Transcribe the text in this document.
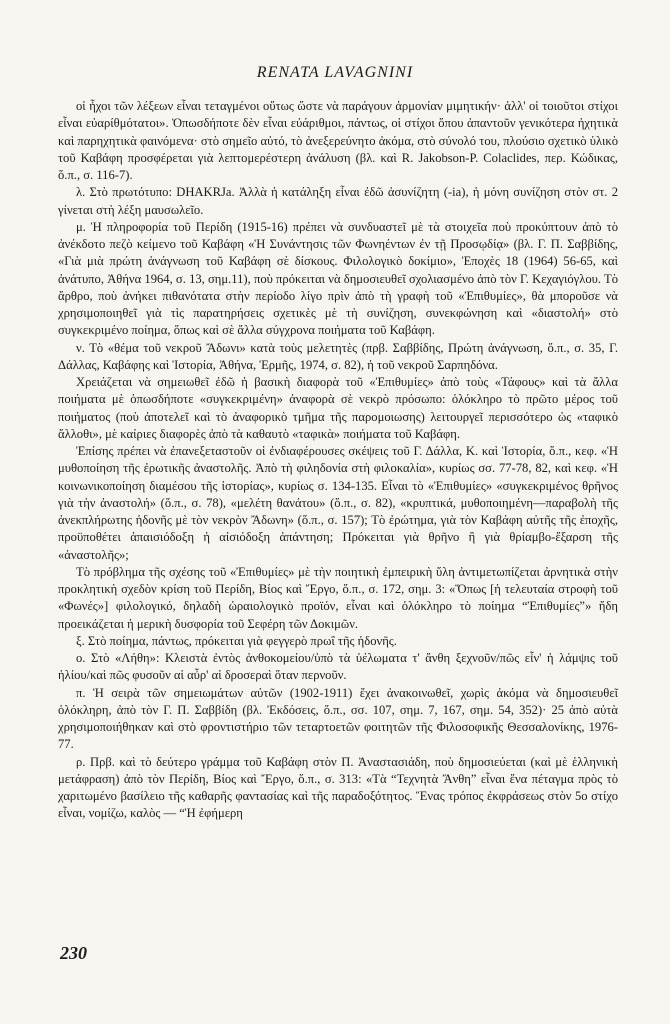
RENATA LAVAGNINI

οἱ ἦχοι τῶν λέξεων εἶναι τεταγμένοι οὕτως ὥστε νὰ παράγουν ἁρμονίαν μιμητικήν· ἀλλ' οἱ τοιοῦτοι στίχοι εἶναι εὐαρίθμότατοι». Ὁπωσδήποτε δὲν εἶναι εὐάριθμοι, πάντως, οἱ στίχοι ὅπου ἀπαντοῦν γενικότερα ἠχητικὰ καὶ παρηχητικὰ φαινόμενα· στὸ σημεῖο αὐτό, τὸ ἀνεξερεύνητο ἀκόμα, στὸ σύνολό του, πλούσιο σχετικὸ ὑλικὸ τοῦ Καβάφη προσφέρεται γιὰ λεπτομερέστερη ἀνάλυση (βλ. καὶ R. Jakobson-P. Colaclides, περ. Κώδικας, ὅ.π., σ. 116-7).

λ. Στὸ πρωτότυπο: DHAKRJa. Ἀλλὰ ἡ κατάληξη εἶναι ἐδῶ ἀσυνίζητη (-ia), ἡ μόνη συνίζηση στὸν στ. 2 γίνεται στὴ λέξη μαυσωλεῖο.

μ. Ἡ πληροφορία τοῦ Περίδη (1915-16) πρέπει νὰ συνδυαστεῖ μὲ τὰ στοιχεῖα ποὺ προκύπτουν ἀπὸ τὸ ἀνέκδοτο πεζὸ κείμενο τοῦ Καβάφη «Ἡ Συνάντησις τῶν Φωνηέντων ἐν τῇ Προσῳδίᾳ» (βλ. Γ. Π. Σαββίδης, «Γιὰ μιὰ πρώτη ἀνάγνωση τοῦ Καβάφη σὲ δίσκους. Φιλολογικὸ δοκίμιο», Ἐποχὲς 18 (1964) 56-65, καὶ ἀνάτυπο, Ἀθήνα 1964, σ. 13, σημ.11), ποὺ πρόκειται νὰ δημοσιευθεῖ σχολιασμένο ἀπὸ τὸν Γ. Κεχαγιόγλου. Τὸ ἄρθρο, ποὺ ἀνήκει πιθανότατα στὴν περίοδο λίγο πρὶν ἀπὸ τὴ γραφὴ τοῦ «Ἐπιθυμίες», θὰ μποροῦσε νὰ χρησιμοποιηθεῖ γιὰ τὶς παρατηρήσεις σχετικὲς μὲ τὴ συνίζηση, συνεκφώνηση καὶ «διαστολή» στὸ συγκεκριμένο ποίημα, ὅπως καὶ σὲ ἄλλα σύγχρονα ποιήματα τοῦ Καβάφη.

ν. Τὸ «θέμα τοῦ νεκροῦ Ἄδωνι» κατὰ τοὺς μελετητὲς (πρβ. Σαββίδης, Πρώτη ἀνάγνωση, ὅ.π., σ. 35, Γ. Δάλλας, Καβάφης καὶ Ἱστορία, Ἀθήνα, Ἑρμῆς, 1974, σ. 82), ἡ τοῦ νεκροῦ Σαρπηδόνα.

Χρειάζεται νὰ σημειωθεῖ ἐδῶ ἡ βασικὴ διαφορὰ τοῦ «Ἐπιθυμίες» ἀπὸ τοὺς «Τάφους» καὶ τὰ ἄλλα ποιήματα μὲ ὁπωσδήποτε «συγκεκριμένη» ἀναφορὰ σὲ νεκρὸ πρόσωπο: ὁλόκληρο τὸ πρῶτο μέρος τοῦ ποιήματος (ποὺ ἀποτελεῖ καὶ τὸ ἀναφορικὸ τμῆμα τῆς παρομοιωσης) λειτουργεῖ περισσότερο ὡς «ταφικὸ ἄλλοθι», μὲ καίριες διαφορὲς ἀπὸ τὰ καθαυτὸ «ταφικὰ» ποιήματα τοῦ Καβάφη.

Ἐπίσης πρέπει νὰ ἐπανεξεταστοῦν οἱ ἐνδιαφέρουσες σκέψεις τοῦ Γ. Δάλλα, Κ. καὶ Ἱστορία, ὅ.π., κεφ. «Ἡ μυθοποίηση τῆς ἐρωτικῆς ἀναστολῆς. Ἀπὸ τὴ φιληδονία στὴ φιλοκαλία», κυρίως σσ. 77-78, 82, καὶ κεφ. «Ἡ κοινωνικοποίηση διαμέσου τῆς ἱστορίας», κυρίως σ. 134-135. Εἶναι τὸ «Ἐπιθυμίες» «συγκεκριμένος θρῆνος γιὰ τὴν ἀναστολή» (ὅ.π., σ. 78), «μελέτη θανάτου» (ὅ.π., σ. 82), «κρυπτικά, μυθοποιημένη—παραβολὴ τῆς ἀνεκπλήρωτης ἡδονῆς μὲ τὸν νεκρὸν Ἄδωνη» (ὅ.π., σ. 157); Τὸ ἐρώτημα, γιὰ τὸν Καβάφη αὐτῆς τῆς ἐποχῆς, προϋποθέτει ἀπαισιόδοξη ἡ αἰσιόδοξη ἀπάντηση; Πρόκειται γιὰ θρῆνο ἢ γιὰ θρίαμβο-ἔξαρση τῆς «ἀναστολῆς»;

Τὸ πρόβλημα τῆς σχέσης τοῦ «Ἐπιθυμίες» μὲ τὴν ποιητικὴ ἐμπειρικὴ ὕλη ἀντιμετωπίζεται ἀρνητικὰ στὴν προκλητικὴ σχεδὸν κρίση τοῦ Περίδη, Βίος καὶ Ἔργο, ὅ.π., σ. 172, σημ. 3: «Ὅπως [ἡ τελευταία στροφὴ τοῦ «Φωνές»] φιλολογικό, δηλαδὴ ὡραιολογικὸ προϊόν, εἶναι καὶ ὁλόκληρο τὸ ποίημα “Ἐπιθυμίες”» ἤδη προεικάζεται ἡ μερικὴ δυσφορία τοῦ Σεφέρη τῶν Δοκιμῶν.

ξ. Στὸ ποίημα, πάντως, πρόκειται γιὰ φεγγερὸ πρωΐ τῆς ἡδονῆς.

ο. Στὸ «Λήθη»: Κλειστὰ ἐντὸς ἀνθοκομείου/ὑπὸ τὰ ὑέλωματα τ' ἄνθη ξεχνοῦν/πῶς εἶν' ἡ λάμψις τοῦ ἡλίου/καὶ πῶς φυσοῦν αἱ αὖρ' αἱ δροσεραὶ ὅταν περνοῦν.

π. Ἡ σειρὰ τῶν σημειωμάτων αὐτῶν (1902-1911) ἔχει ἀνακοινωθεῖ, χωρὶς ἀκόμα νὰ δημοσιευθεῖ ὁλόκληρη, ἀπὸ τὸν Γ. Π. Σαββίδη (βλ. Ἐκδόσεις, ὅ.π., σσ. 107, σημ. 7, 167, σημ. 54, 352)· 25 ἀπὸ αὐτὰ χρησιμοποιήθηκαν καὶ στὸ φροντιστήριο τῶν τεταρτοετῶν φοιτητῶν τῆς Φιλοσοφικῆς Θεσσαλονίκης, 1976-77.

ρ. Πρβ. καὶ τὸ δεύτερο γράμμα τοῦ Καβάφη στὸν Π. Ἀναστασιάδη, ποὺ δημοσιεύεται (καὶ μὲ ἑλληνικὴ μετάφραση) ἀπὸ τὸν Περίδη, Βίος καὶ Ἔργο, ὅ.π., σ. 313: «Τὰ “Τεχνητὰ Ἄνθη” εἶναι ἕνα πέταγμα πρὸς τὸ χαριτωμένο βασίλειο τῆς καθαρῆς φαντασίας καὶ τῆς παραδοξότητος. Ἕνας τρόπος ἐκφράσεως στὸν 5ο στίχο εἶναι, νομίζω, καλὸς — “Ἡ ἐφήμερη

230
